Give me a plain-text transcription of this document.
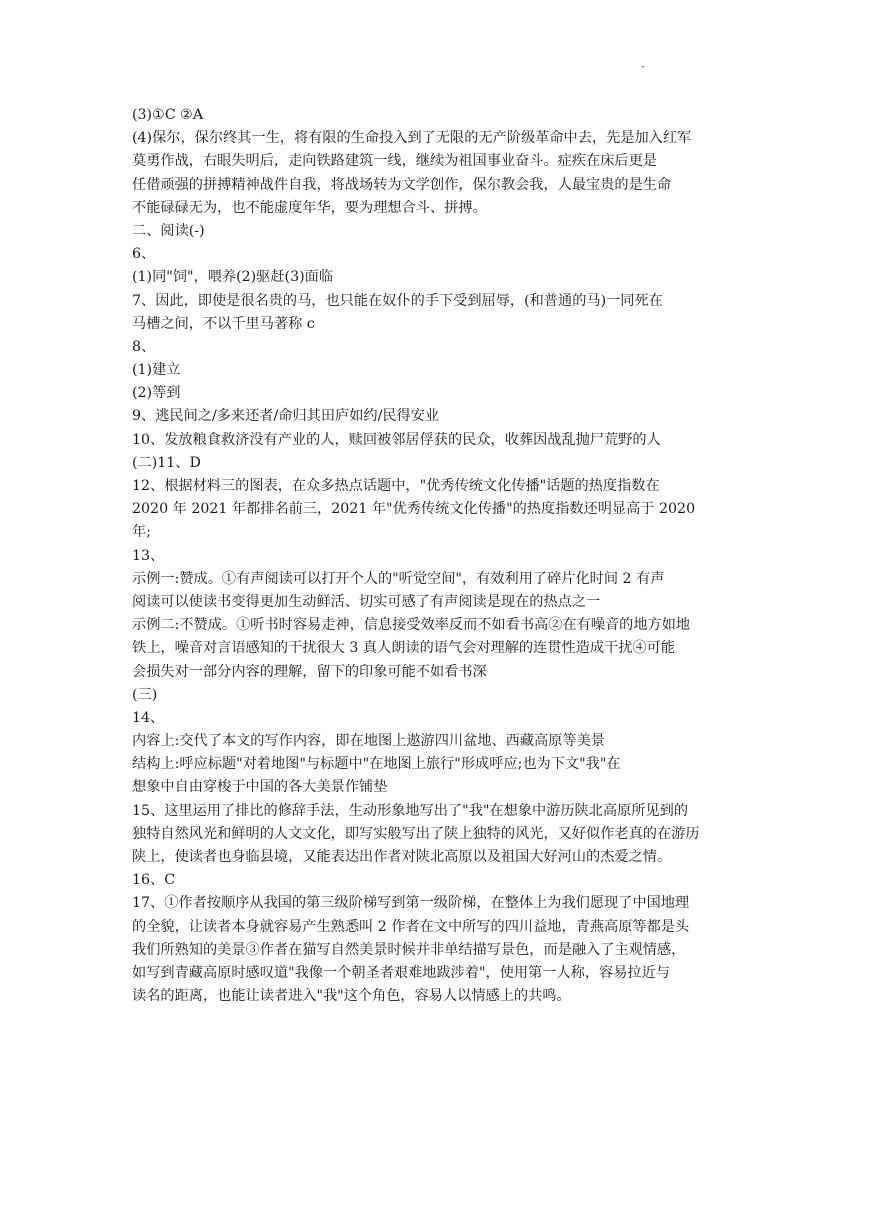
·
(3)①C ②A
(4)保尔，保尔终其一生，将有限的生命投入到了无限的无产阶级革命中去，先是加入红军
莫勇作战，右眼失明后，走向铁路建筑一线，继续为祖国事业奋斗。症疾在床后更是
任借顽强的拼搏精神战件自我，将战场转为文学创作，保尔教会我，人最宝贵的是生命
不能碌碌无为，也不能虚度年华，要为理想合斗、拼搏。
二、阅读(-)
6、
(1)同"饲"，喂养(2)驱赶(3)面临
7、因此，即使是很名贵的马，也只能在奴仆的手下受到屈辱，(和普通的马)一同死在
马槽之间，不以千里马著称 c
8、
(1)建立
(2)等到
9、逃民间之/多来还者/命归其田庐如约/民得安业
10、发放粮食救济没有产业的人，赎回被邻居俘获的民众，收葬因战乱抛尸荒野的人
(二)11、D
12、根据材料三的图表，在众多热点话题中，"优秀传统文化传播"话题的热度指数在
2020 年 2021 年都排名前三，2021 年"优秀传统文化传播"的热度指数还明显高于 2020
年;
13、
示例一:赞成。①有声阅读可以打开个人的"听觉空间"，有效利用了碎片化时间 2 有声
阅读可以使读书变得更加生动鲜活、切实可感了有声阅读是现在的热点之一
示例二:不赞成。①听书时容易走神，信息接受效率反而不如看书高②在有噪音的地方如地
铁上，噪音对言语感知的干扰很大 3 真人朗读的语气会对理解的连贯性造成干扰④可能
会损失对一部分内容的理解，留下的印象可能不如看书深
(三)
14、
内容上:交代了本文的写作内容，即在地图上遨游四川盆地、西藏高原等美景
结构上:呼应标题"对着地图"与标题中"在地图上旅行"形成呼应;也为下文"我"在
想象中自由穿梭于中国的各大美景作铺垫
15、这里运用了排比的修辞手法，生动形象地写出了"我"在想象中游历陕北高原所见到的
独特自然风光和鲜明的人文文化，即写实般写出了陕上独特的风光，又好似作老真的在游历
陕上，使读者也身临县境，又能表达出作者对陕北高原以及祖国大好河山的杰爱之情。
16、C
17、①作者按顺序从我国的第三级阶梯写到第一级阶梯，在整体上为我们愿现了中国地理
的全貌，让读者本身就容易产生熟悉叫 2 作者在文中所写的四川益地，青燕高原等都是头
我们所熟知的美景③作者在猫写自然美景时候并非单结描写景色，而是融入了主观情感，
如写到青藏高原时感叹道"我像一个朝圣者艰难地跋涉着"，使用第一人称，容易拉近与
读名的距离，也能让读者进入"我"这个角色，容易人以情感上的共鸣。
